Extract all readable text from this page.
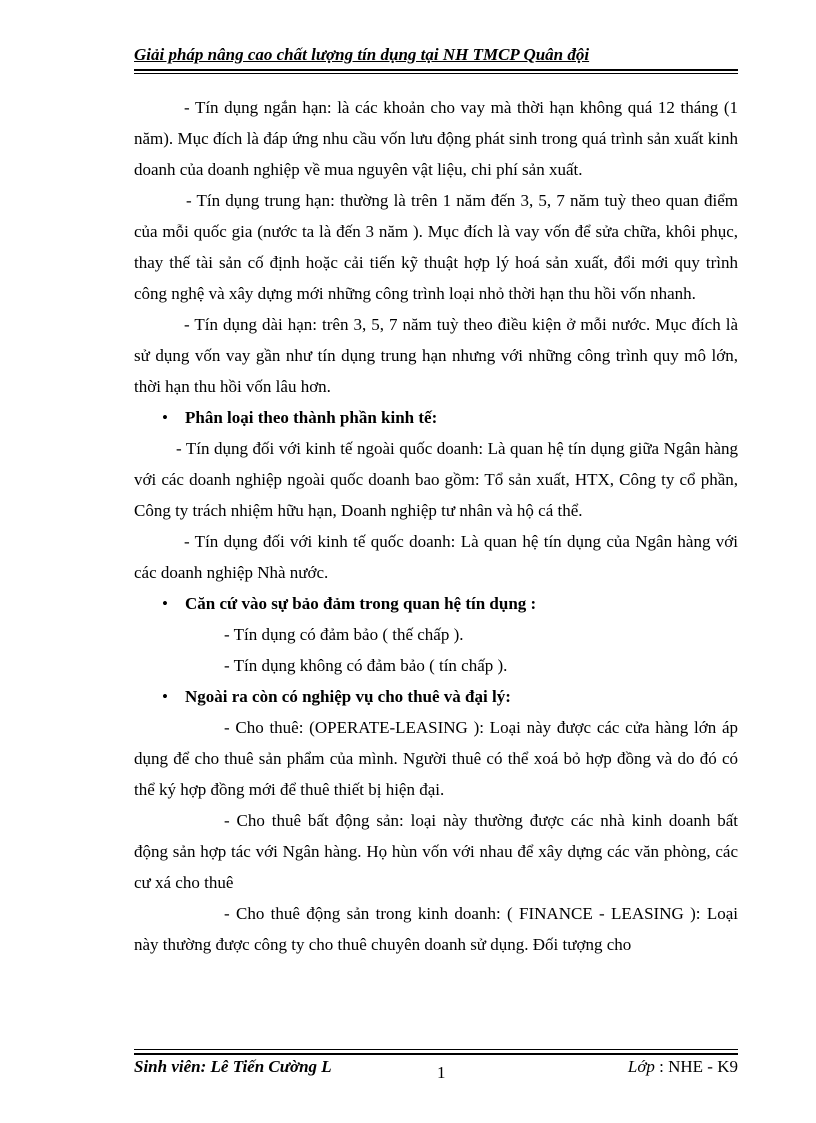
Giải pháp nâng cao chất lượng tín dụng tại NH TMCP Quân đội

- Tín dụng ngắn hạn: là các khoản cho vay mà thời hạn không quá 12 tháng (1 năm). Mục đích là đáp ứng nhu cầu vốn lưu động phát sinh trong quá trình sản xuất kinh doanh của doanh nghiệp về mua nguyên vật liệu, chi phí sản xuất.

- Tín dụng trung hạn: thường là trên 1 năm đến 3, 5, 7 năm tuỳ theo quan điểm của mỗi quốc gia (nước ta là đến 3 năm ). Mục đích là vay vốn để sửa chữa, khôi phục, thay thế tài sản cố định hoặc cải tiến kỹ thuật hợp lý hoá sản xuất, đổi mới quy trình công nghệ và xây dựng mới những công trình loại nhỏ thời hạn thu hồi vốn nhanh.

- Tín dụng dài hạn: trên 3, 5, 7 năm tuỳ theo điều kiện ở mỗi nước. Mục đích là sử dụng vốn vay gần như tín dụng trung hạn nhưng với những công trình quy mô lớn, thời hạn thu hồi vốn lâu hơn.

• Phân loại theo thành phần kinh tế:

- Tín dụng đối với kinh tế ngoài quốc doanh: Là quan hệ tín dụng giữa Ngân hàng với các doanh nghiệp ngoài quốc doanh bao gồm: Tổ sản xuất, HTX, Công ty cổ phần, Công ty trách nhiệm hữu hạn, Doanh nghiệp tư nhân và hộ cá thể.

- Tín dụng đối với kinh tế quốc doanh: Là quan hệ tín dụng của Ngân hàng với các doanh nghiệp Nhà nước.

• Căn cứ vào sự bảo đảm trong quan hệ tín dụng :

- Tín dụng có đảm bảo ( thế chấp ).

- Tín dụng không có đảm bảo ( tín chấp ).

• Ngoài ra còn có nghiệp vụ cho thuê và đại lý:

- Cho thuê: (OPERATE-LEASING ): Loại này được các cửa hàng lớn áp dụng để cho thuê sản phẩm của mình. Người thuê có thể xoá bỏ hợp đồng và do đó có thể ký hợp đồng mới để thuê thiết bị hiện đại.

- Cho thuê bất động sản: loại này thường được các nhà kinh doanh bất động sản hợp tác với Ngân hàng. Họ hùn vốn với nhau để xây dựng các văn phòng, các cư xá cho thuê

- Cho thuê động sản trong kinh doanh: ( FINANCE - LEASING ): Loại này thường được công ty cho thuê chuyên doanh sử dụng. Đối tượng cho

Sinh viên: Lê Tiến Cường L	1	Lớp : NHE - K9
